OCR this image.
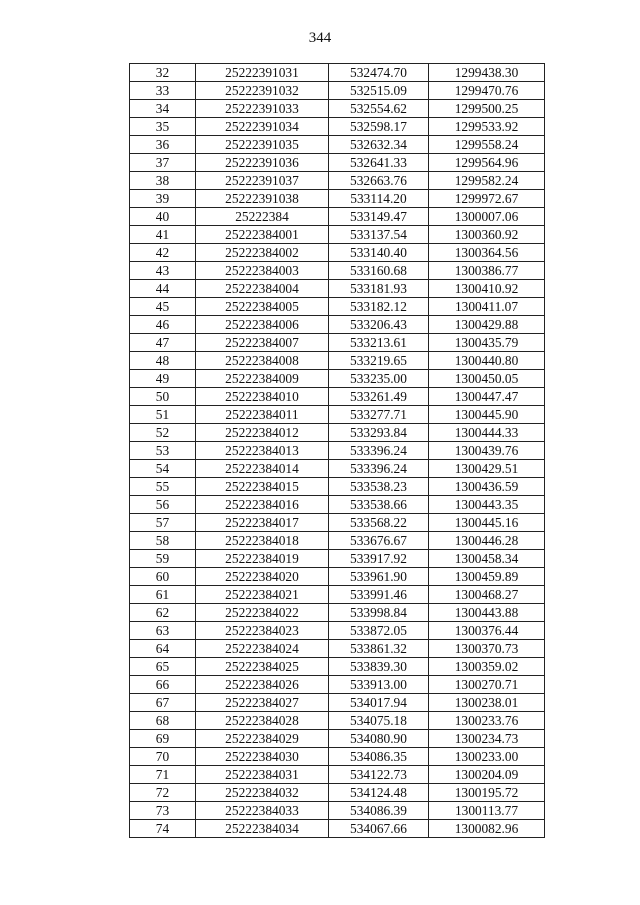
344
32	25222391031	532474.70	1299438.30
33	25222391032	532515.09	1299470.76
34	25222391033	532554.62	1299500.25
35	25222391034	532598.17	1299533.92
36	25222391035	532632.34	1299558.24
37	25222391036	532641.33	1299564.96
38	25222391037	532663.76	1299582.24
39	25222391038	533114.20	1299972.67
40	25222384	533149.47	1300007.06
41	25222384001	533137.54	1300360.92
42	25222384002	533140.40	1300364.56
43	25222384003	533160.68	1300386.77
44	25222384004	533181.93	1300410.92
45	25222384005	533182.12	1300411.07
46	25222384006	533206.43	1300429.88
47	25222384007	533213.61	1300435.79
48	25222384008	533219.65	1300440.80
49	25222384009	533235.00	1300450.05
50	25222384010	533261.49	1300447.47
51	25222384011	533277.71	1300445.90
52	25222384012	533293.84	1300444.33
53	25222384013	533396.24	1300439.76
54	25222384014	533396.24	1300429.51
55	25222384015	533538.23	1300436.59
56	25222384016	533538.66	1300443.35
57	25222384017	533568.22	1300445.16
58	25222384018	533676.67	1300446.28
59	25222384019	533917.92	1300458.34
60	25222384020	533961.90	1300459.89
61	25222384021	533991.46	1300468.27
62	25222384022	533998.84	1300443.88
63	25222384023	533872.05	1300376.44
64	25222384024	533861.32	1300370.73
65	25222384025	533839.30	1300359.02
66	25222384026	533913.00	1300270.71
67	25222384027	534017.94	1300238.01
68	25222384028	534075.18	1300233.76
69	25222384029	534080.90	1300234.73
70	25222384030	534086.35	1300233.00
71	25222384031	534122.73	1300204.09
72	25222384032	534124.48	1300195.72
73	25222384033	534086.39	1300113.77
74	25222384034	534067.66	1300082.96
